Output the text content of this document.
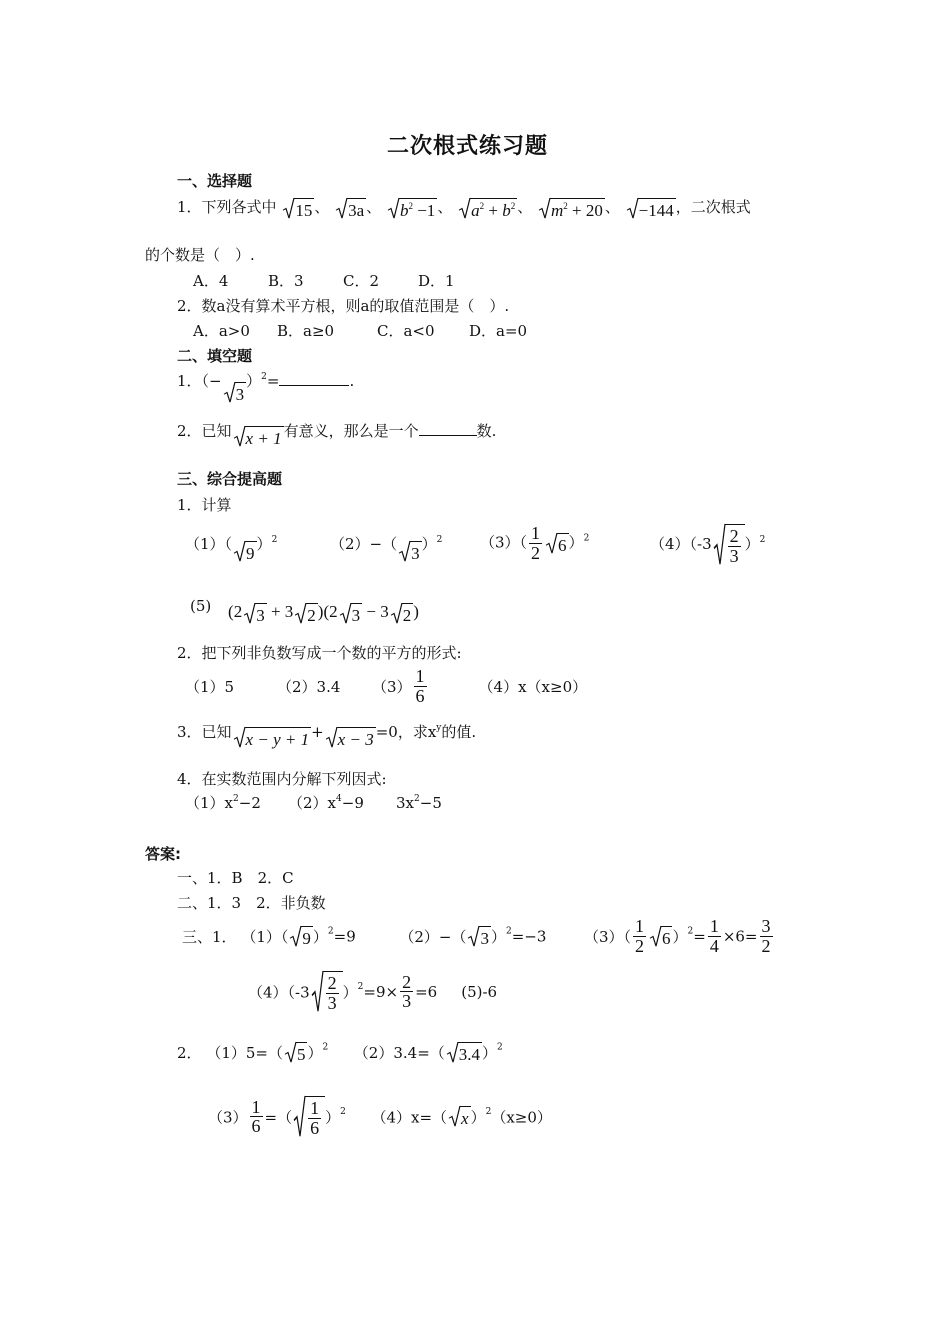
二次根式练习题
一、选择题
1．下列各式中 15 、 3a 、 $b^2 -1$ 、 $a^2 + b^2$ 、 $m^2 + 20$ 、 −144 ，二次根式
的个数是（　）.
A．4	B．3	C．2	D．1
2．数a没有算术平方根，则a的取值范围是（　）.
A．a>0 B．a≥0	C．a<0 D．a=0
二、填空题
1．（−
3）$^2$=	.
2．已知 x + 1 有意义，那么是一个	数.
三、综合提高题
1．计算
（1）（ 9 ）$^2$	（2）−（ 3 ）$^2$	$(3)( \frac{1}{2} 6$ ）$^2$	$(4)(-3 \frac{2}{3} )^2$
(5) (2 3 + 3 2 )(2 3 − 3 2 )
2．把下列非负数写成一个数的平方的形式:
（1）5	（2）3.4 $(3) \frac{1}{6}$	（4）x（x≥0）
3．已知 x − y + 1 + x − 3 =0，求$x^y$的值.
4．在实数范围内分解下列因式:
$(1)x^2-2$ $(2)x^4-9$ $3x^2-5$
答案:
一、1．B　2．C
二、1．3　2．非负数
三、1． （1）（ 9 ）$^2$=9	（2）−（ 3 ）$^2$=−3	$(3)( \frac{1}{2} 6$ ）$^2= \frac{1}{4} \times 6= \frac{3}{2}$
$(4)(-3 \frac{2}{3} )^2=9\times \frac{2}{3} =6$ (5)-6
2． （1）5=（ 5 ）$^2$ （2）3.4=（ 3.4 ）$^2$
$(3) \frac{1}{6}$ =（ $\frac{1}{6} )^2$ （4）x=（ x ）$^2$（x≥0）
